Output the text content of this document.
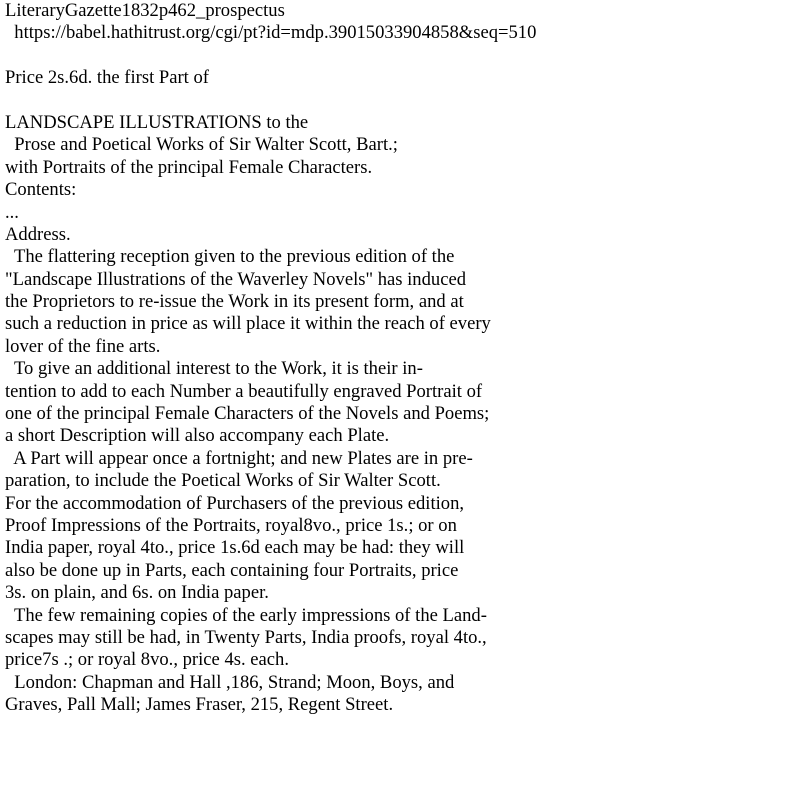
LiteraryGazette1832p462_prospectus
https://babel.hathitrust.org/cgi/pt?id=mdp.39015033904858&seq=510
Price 2s.6d. the first Part of
LANDSCAPE ILLUSTRATIONS to the
Prose and Poetical Works of Sir Walter Scott, Bart.;
with Portraits of the principal Female Characters.
Contents:
...
Address.
The flattering reception given to the previous edition of the
"Landscape Illustrations of the Waverley Novels" has induced
the Proprietors to re-issue the Work in its present form, and at
such a reduction in price as will place it within the reach of every
lover of the fine arts.
To give an additional interest to the Work, it is their in-
tention to add to each Number a beautifully engraved Portrait of
one of the principal Female Characters of the Novels and Poems;
a short Description will also accompany each Plate.
A Part will appear once a fortnight; and new Plates are in pre-
paration, to include the Poetical Works of Sir Walter Scott.
For the accommodation of Purchasers of the previous edition,
Proof Impressions of the Portraits, royal8vo., price 1s.; or on
India paper, royal 4to., price 1s.6d each may be had: they will
also be done up in Parts, each containing four Portraits, price
3s. on plain, and 6s. on India paper.
The few remaining copies of the early impressions of the Land-
scapes may still be had, in Twenty Parts, India proofs, royal 4to.,
price7s .; or royal 8vo., price 4s. each.
London: Chapman and Hall ,186, Strand; Moon, Boys, and
Graves, Pall Mall; James Fraser, 215, Regent Street.
